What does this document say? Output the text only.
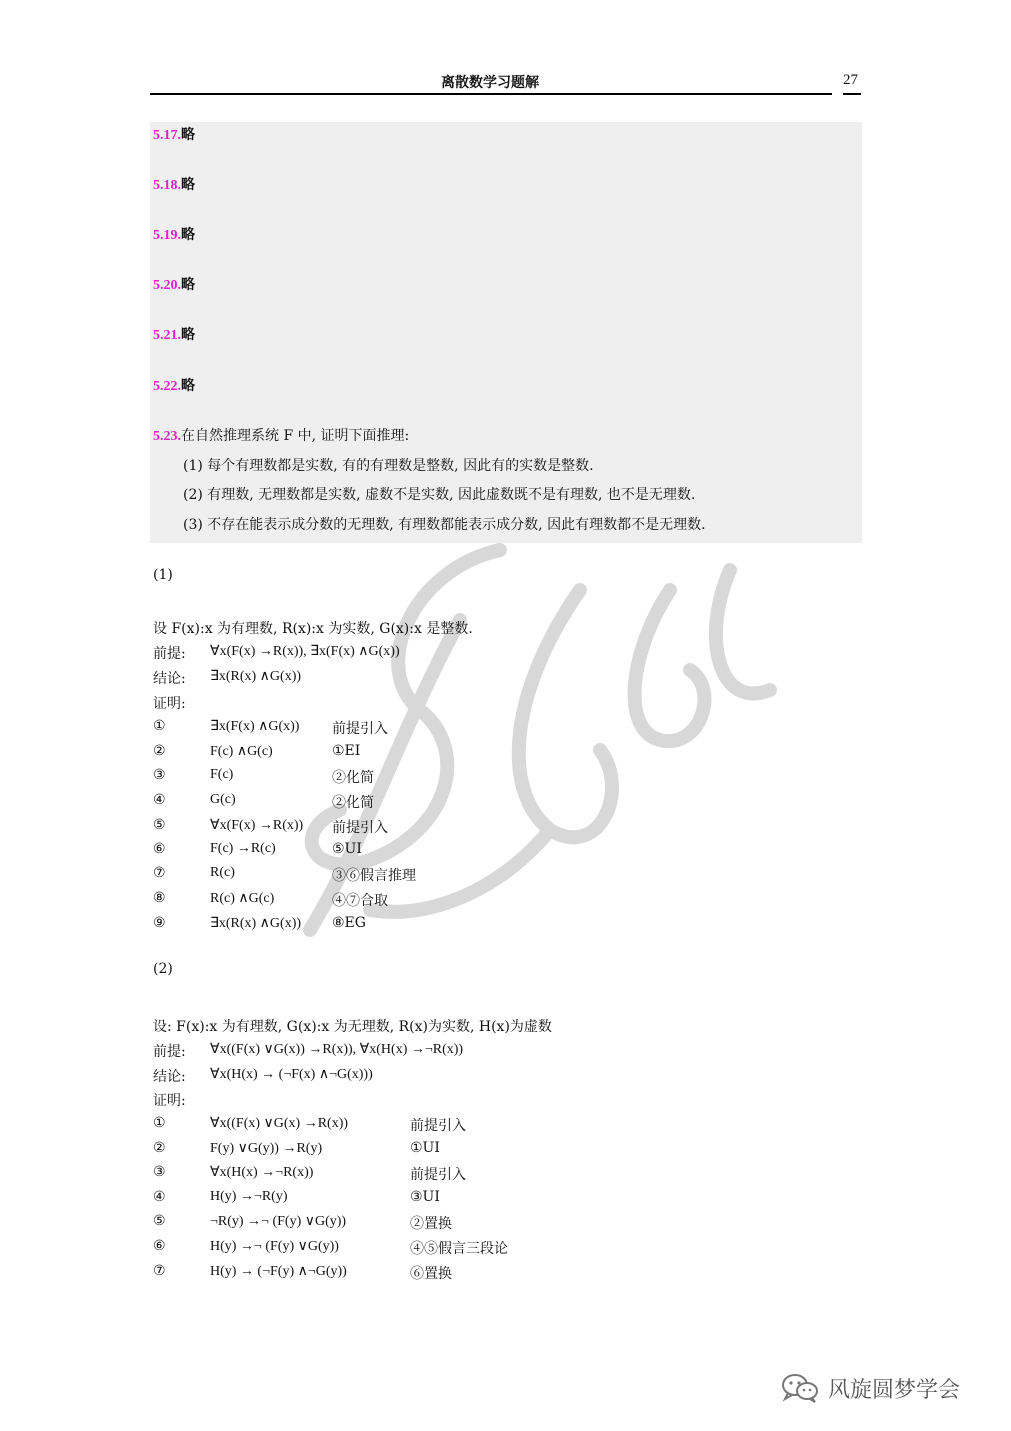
离散数学习题解	27
5.17.略
5.18.略
5.19.略
5.20.略
5.21.略
5.22.略
5.23.在自然推理系统 F 中, 证明下面推理:
(1) 每个有理数都是实数, 有的有理数是整数, 因此有的实数是整数.
(2) 有理数, 无理数都是实数, 虚数不是实数, 因此虚数既不是有理数, 也不是无理数.
(3) 不存在能表示成分数的无理数, 有理数都能表示成分数, 因此有理数都不是无理数.
(1)
设 F(x):x 为有理数, R(x):x 为实数, G(x):x 是整数.
前提: ∀x(F(x) →R(x)), ∃x(F(x) ∧G(x))
结论: ∃x(R(x) ∧G(x))
证明:
①	∃x(F(x) ∧G(x)) 前提引入
②	F(c) ∧G(c)	①EI
③	F(c)	②化简
④	G(c)	②化简
⑤	∀x(F(x) →R(x)) 前提引入
⑥	F(c) →R(c)	⑤UI
⑦	R(c)	③⑥假言推理
⑧	R(c) ∧G(c)	④⑦合取
⑨	∃x(R(x) ∧G(x)) ⑧EG
(2)
设: F(x):x 为有理数, G(x):x 为无理数, R(x)为实数, H(x)为虚数
前提: ∀x((F(x) ∨G(x)) →R(x)), ∀x(H(x) →¬R(x))
结论: ∀x(H(x) → (¬F(x) ∧¬G(x)))
证明:
①	∀x((F(x) ∨G(x) →R(x))	前提引入
②	F(y) ∨G(y)) →R(y)	①UI
③	∀x(H(x) →¬R(x))	前提引入
④	H(y) →¬R(y)	③UI
⑤	¬R(y) →¬ (F(y) ∨G(y))	②置换
⑥	H(y) →¬ (F(y) ∨G(y))	④⑤假言三段论
⑦	H(y) → (¬F(y) ∧¬G(y))	⑥置换
风旋圆梦学会
